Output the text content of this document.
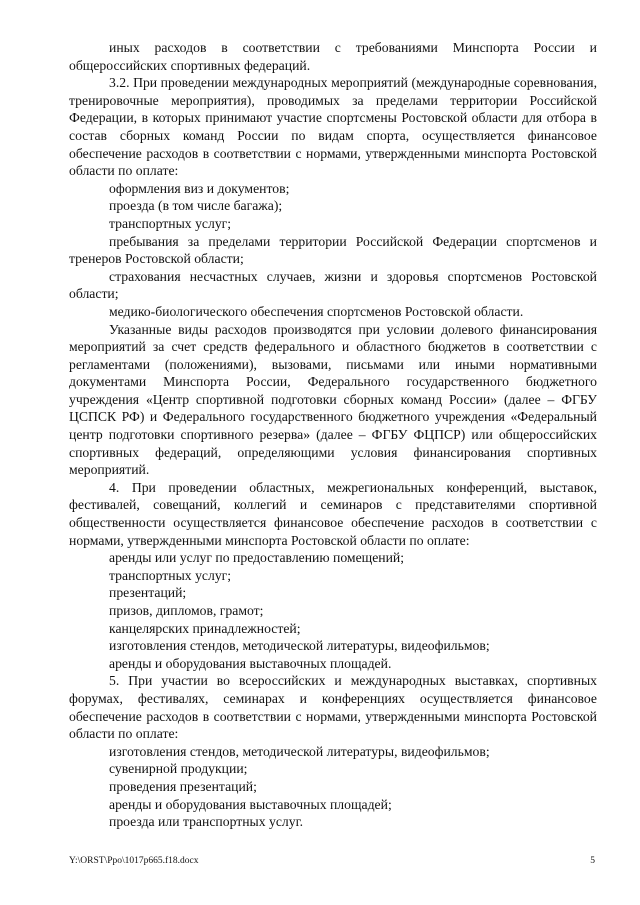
иных расходов в соответствии с требованиями Минспорта России и общероссийских спортивных федераций.

3.2. При проведении международных мероприятий (международные соревнования, тренировочные мероприятия), проводимых за пределами территории Российской Федерации, в которых принимают участие спортсмены Ростовской области для отбора в состав сборных команд России по видам спорта, осуществляется финансовое обеспечение расходов в соответствии с нормами, утвержденными минспорта Ростовской области по оплате:

оформления виз и документов;

проезда (в том числе багажа);

транспортных услуг;

пребывания за пределами территории Российской Федерации спортсменов и тренеров Ростовской области;

страхования несчастных случаев, жизни и здоровья спортсменов Ростовской области;

медико-биологического обеспечения спортсменов Ростовской области.

Указанные виды расходов производятся при условии долевого финансирования мероприятий за счет средств федерального и областного бюджетов в соответствии с регламентами (положениями), вызовами, письмами или иными нормативными документами Минспорта России, Федерального государственного бюджетного учреждения «Центр спортивной подготовки сборных команд России» (далее – ФГБУ ЦСПСК РФ) и Федерального государственного бюджетного учреждения «Федеральный центр подготовки спортивного резерва» (далее – ФГБУ ФЦПСР) или общероссийских спортивных федераций, определяющими условия финансирования спортивных мероприятий.

4. При проведении областных, межрегиональных конференций, выставок, фестивалей, совещаний, коллегий и семинаров с представителями спортивной общественности осуществляется финансовое обеспечение расходов в соответствии с нормами, утвержденными минспорта Ростовской области по оплате:

аренды или услуг по предоставлению помещений;

транспортных услуг;

презентаций;

призов, дипломов, грамот;

канцелярских принадлежностей;

изготовления стендов, методической литературы, видеофильмов;

аренды и оборудования выставочных площадей.

5. При участии во всероссийских и международных выставках, спортивных форумах, фестивалях, семинарах и конференциях осуществляется финансовое обеспечение расходов в соответствии с нормами, утвержденными минспорта Ростовской области по оплате:

изготовления стендов, методической литературы, видеофильмов;

сувенирной продукции;

проведения презентаций;

аренды и оборудования выставочных площадей;

проезда или транспортных услуг.

Y:\ORST\Ppo\1017p665.f18.docx	5
